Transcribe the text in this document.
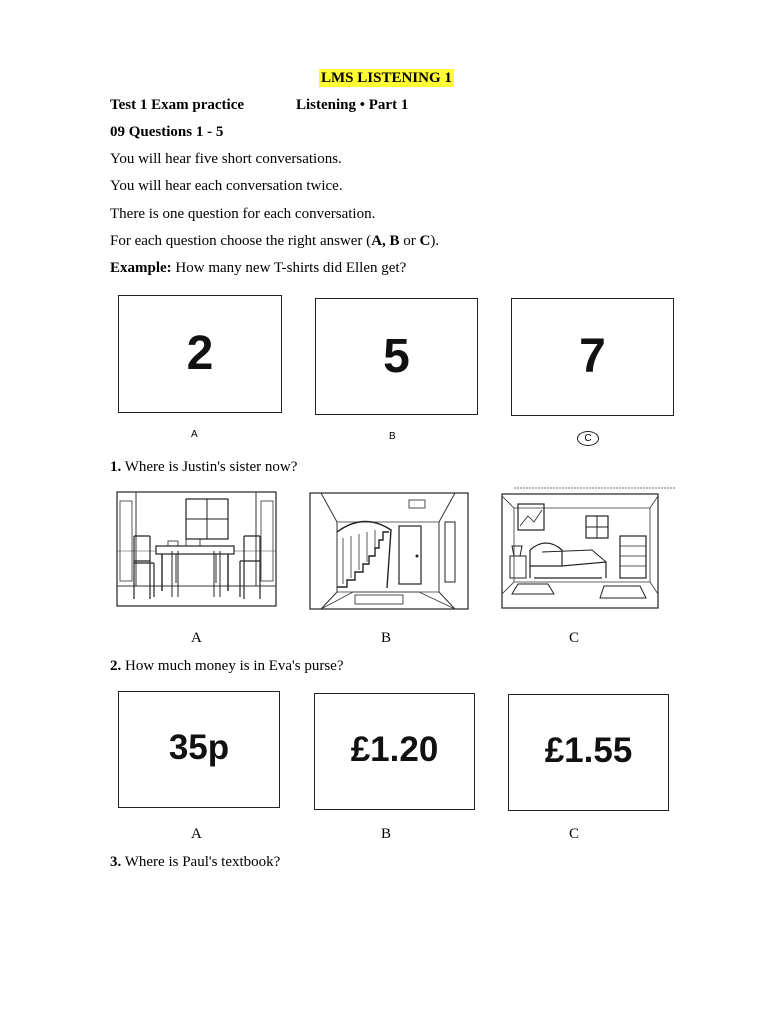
LMS LISTENING 1
Test 1 Exam practice	Listening • Part 1
09 Questions 1 - 5
You will hear five short conversations.
You will hear each conversation twice.
There is one question for each conversation.
For each question choose the right answer (A, B or C).
Example: How many new T-shirts did Ellen get?
2	5	7
A	B	C
1. Where is Justin's sister now?
A	B	C
2. How much money is in Eva's purse?
35p	£1.20	£1.55
A	B	C
3. Where is Paul's textbook?
